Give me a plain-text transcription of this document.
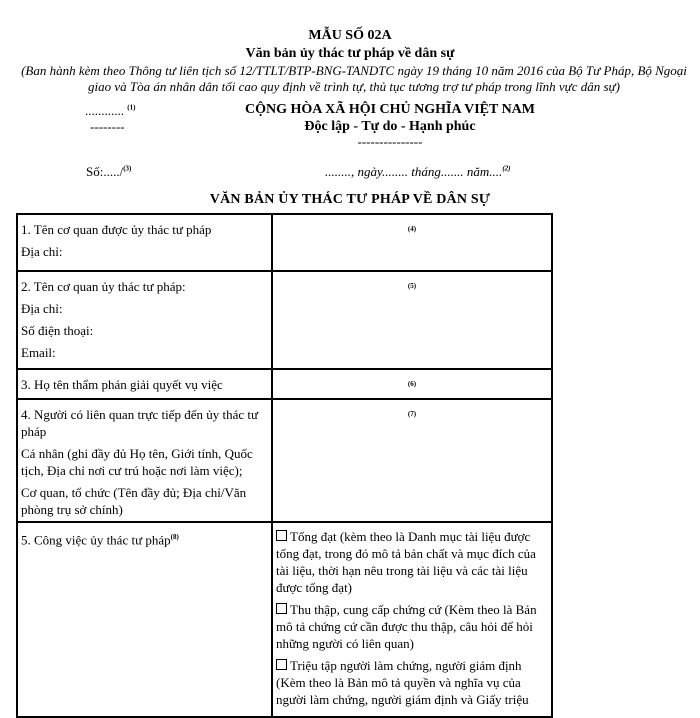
MẪU SỐ 02A
Văn bản ủy thác tư pháp về dân sự
(Ban hành kèm theo Thông tư liên tịch số 12/TTLT/BTP-BNG-TANDTC ngày 19 tháng 10 năm 2016 của Bộ Tư Pháp, Bộ Ngoại giao và Tòa án nhân dân tối cao quy định về trình tự, thủ tục tương trợ tư pháp trong lĩnh vực dân sự)
............ $^{(1)}$
--------
CỘNG HÒA XÃ HỘI CHỦ NGHĨA VIỆT NAM
Độc lập - Tự do - Hạnh phúc
---------------
Số:...../$^{(3)}$	........, ngày........ tháng....... năm....$^{(2)}$
VĂN BẢN ỦY THÁC TƯ PHÁP VỀ DÂN SỰ
1. Tên cơ quan được ủy thác tư pháp
Địa chỉ:	(4)

2. Tên cơ quan ủy thác tư pháp:
Địa chỉ:
Số điện thoại:
Email:	(5)

3. Họ tên thẩm phán giải quyết vụ việc	(6)

4. Người có liên quan trực tiếp đến ủy thác tư pháp
Cá nhân (ghi đầy đủ Họ tên, Giới tính, Quốc tịch, Địa chỉ nơi cư trú hoặc nơi làm việc);
Cơ quan, tổ chức (Tên đầy đủ; Địa chỉ/Văn phòng trụ sở chính)	(7)

5. Công việc ủy thác tư pháp$^{(8)}$	Tống đạt (kèm theo là Danh mục tài liệu được tống đạt, trong đó mô tả bản chất và mục đích của tài liệu, thời hạn nêu trong tài liệu và các tài liệu được tống đạt)
Thu thập, cung cấp chứng cứ (Kèm theo là Bản mô tả chứng cứ cần được thu thập, câu hỏi để hỏi những người có liên quan)
Triệu tập người làm chứng, người giám định (Kèm theo là Bản mô tả quyền và nghĩa vụ của người làm chứng, người giám định và Giấy triệu
